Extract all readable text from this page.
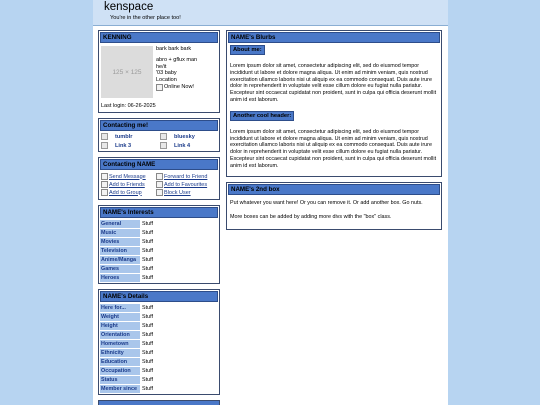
kenspace
You're in the other place too!
KENNING
125 × 125
bark bark bark
abro + gflux man
he/it
'03 baby
Location
Online Now!
Last login: 06-26-2025
Contacting me!
tumblr	bluesky
Link 3	Link 4
Contacting NAME
Send Message	Forward to Friend
Add to Friends	Add to Favourites
Add to Group	Block User
NAME's Interests
General	Stuff
Music	Stuff
Movies	Stuff
Television	Stuff
Anime/Manga	Stuff
Games	Stuff
Heroes	Stuff
NAME's Details
Here for...	Stuff
Weight	Stuff
Height	Stuff
Orientation	Stuff
Hometown	Stuff
Ethnicity	Stuff
Education	Stuff
Occupation	Stuff
Status	Stuff
Member since	Stuff
NAME's Blurbs
About me:
Lorem ipsum dolor sit amet, consectetur adipiscing elit, sed do eiusmod tempor incididunt ut labore et dolore magna aliqua. Ut enim ad minim veniam, quis nostrud exercitation ullamco laboris nisi ut aliquip ex ea commodo consequat. Duis aute irure dolor in reprehenderit in voluptate velit esse cillum dolore eu fugiat nulla pariatur. Excepteur sint occaecat cupidatat non proident, sunt in culpa qui officia deserunt mollit anim id est laborum.
Another cool header:
Lorem ipsum dolor sit amet, consectetur adipiscing elit, sed do eiusmod tempor incididunt ut labore et dolore magna aliqua. Ut enim ad minim veniam, quis nostrud exercitation ullamco laboris nisi ut aliquip ex ea commodo consequat. Duis aute irure dolor in reprehenderit in voluptate velit esse cillum dolore eu fugiat nulla pariatur. Excepteur sint occaecat cupidatat non proident, sunt in culpa qui officia deserunt mollit anim id est laborum.
NAME's 2nd box

Put whatever you want here! Or you can remove it. Or add another box. Go nuts.

More boxes can be added by adding more divs with the "box" class.
